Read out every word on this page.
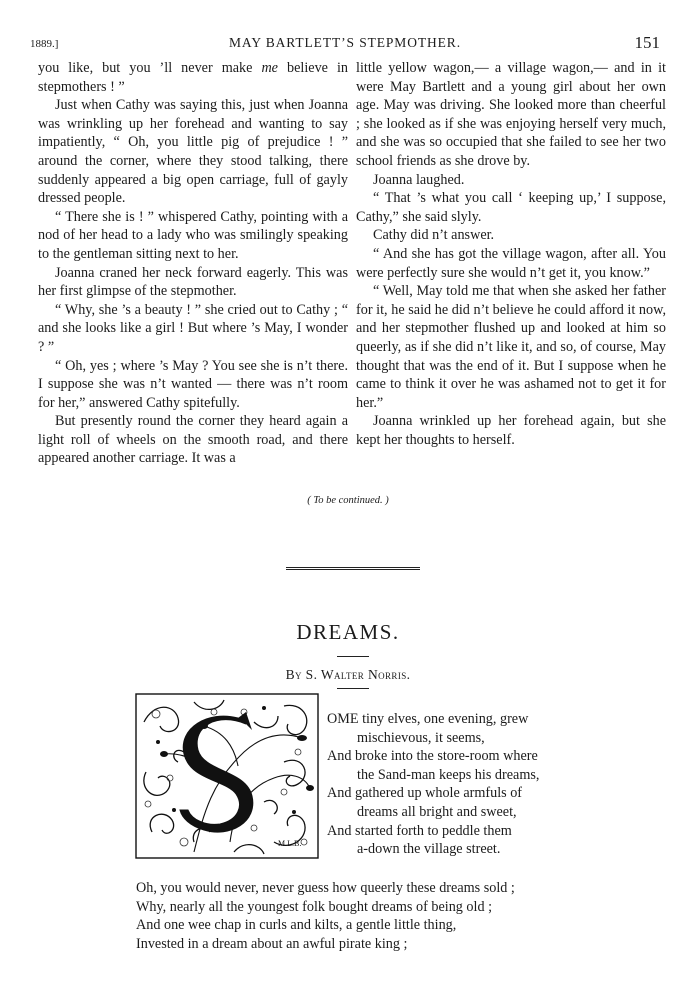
1889.]	MAY BARTLETT’S STEPMOTHER.	151

you like, but you ’ll never make me believe in stepmothers ! ”

Just when Cathy was saying this, just when Joanna was wrinkling up her forehead and wanting to say impatiently, “ Oh, you little pig of prejudice ! ” around the corner, where they stood talking, there suddenly appeared a big open carriage, full of gayly dressed people.

“ There she is ! ” whispered Cathy, pointing with a nod of her head to a lady who was smilingly speaking to the gentleman sitting next to her.

Joanna craned her neck forward eagerly. This was her first glimpse of the stepmother.

“ Why, she ’s a beauty ! ” she cried out to Cathy ; “ and she looks like a girl ! But where ’s May, I wonder ? ”

“ Oh, yes ; where ’s May ? You see she is n’t there. I suppose she was n’t wanted — there was n’t room for her,” answered Cathy spitefully.

But presently round the corner they heard again a light roll of wheels on the smooth road, and there appeared another carriage. It was a

little yellow wagon,— a village wagon,— and in it were May Bartlett and a young girl about her own age. May was driving. She looked more than cheerful ; she looked as if she was enjoying herself very much, and she was so occupied that she failed to see her two school friends as she drove by.

Joanna laughed.

“ That ’s what you call ‘ keeping up,’ I suppose, Cathy,” she said slyly.

Cathy did n’t answer.

“ And she has got the village wagon, after all. You were perfectly sure she would n’t get it, you know.”

“ Well, May told me that when she asked her father for it, he said he did n’t believe he could afford it now, and her stepmother flushed up and looked at him so queerly, as if she did n’t like it, and so, of course, May thought that was the end of it. But I suppose when he came to think it over he was ashamed not to get it for her.”

Joanna wrinkled up her forehead again, but she kept her thoughts to herself.

( To be continued. )
DREAMS.
By S. Walter Norris.
M.L.B.
OME tiny elves, one evening, grew
mischievous, it seems,
And broke into the store-room where
the Sand-man keeps his dreams,
And gathered up whole armfuls of
dreams all bright and sweet,
And started forth to peddle them
a-down the village street.
Oh, you would never, never guess how queerly these dreams sold ;
Why, nearly all the youngest folk bought dreams of being old ;
And one wee chap in curls and kilts, a gentle little thing,
Invested in a dream about an awful pirate king ;
